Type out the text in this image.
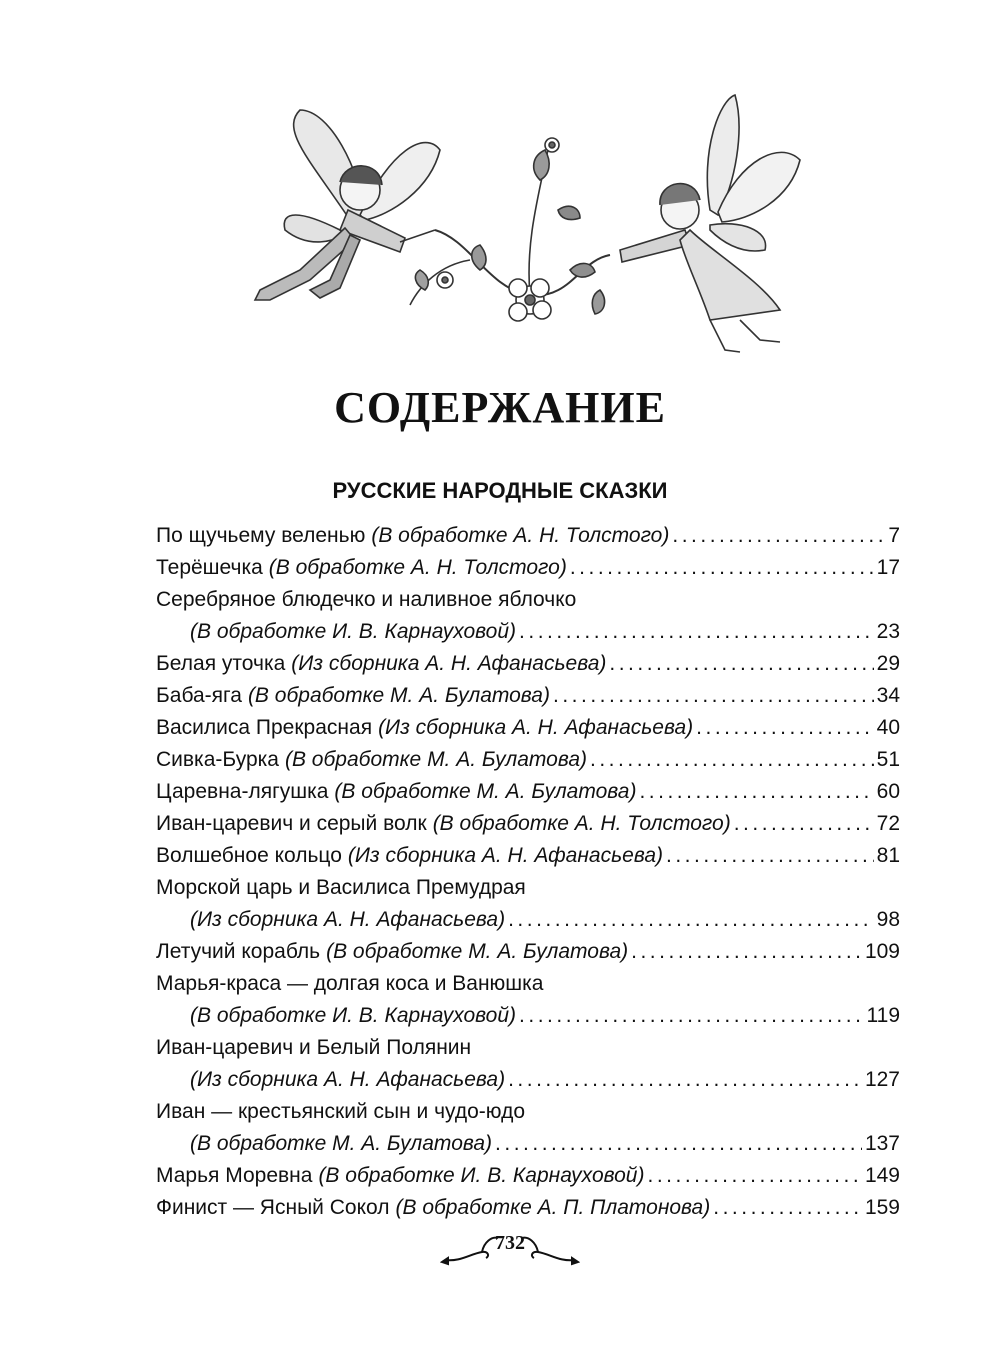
СОДЕРЖАНИЕ
РУССКИЕ НАРОДНЫЕ СКАЗКИ
По щучьему веленью (В обработке А. Н. Толстого) .....	7
Терёшечка (В обработке А. Н. Толстого) .....	17
Серебряное блюдечко и наливное яблочко
(В обработке И. В. Карнауховой) .....	23
Белая уточка (Из сборника А. Н. Афанасьева) .....	29
Баба-яга (В обработке М. А. Булатова) .....	34
Василиса Прекрасная (Из сборника А. Н. Афанасьева) .....	40
Сивка-Бурка (В обработке М. А. Булатова) .....	51
Царевна-лягушка (В обработке М. А. Булатова) .....	60
Иван-царевич и серый волк (В обработке А. Н. Толстого) .....	72
Волшебное кольцо (Из сборника А. Н. Афанасьева) .....	81
Морской царь и Василиса Премудрая
(Из сборника А. Н. Афанасьева) .....	98
Летучий корабль (В обработке М. А. Булатова) .....	109
Марья-краса — долгая коса и Ванюшка
(В обработке И. В. Карнауховой) .....	119
Иван-царевич и Белый Полянин
(Из сборника А. Н. Афанасьева) .....	127
Иван — крестьянский сын и чудо-юдо
(В обработке М. А. Булатова) .....	137
Марья Моревна (В обработке И. В. Карнауховой) .....	149
Финист — Ясный Сокол (В обработке А. П. Платонова) .....	159
732
